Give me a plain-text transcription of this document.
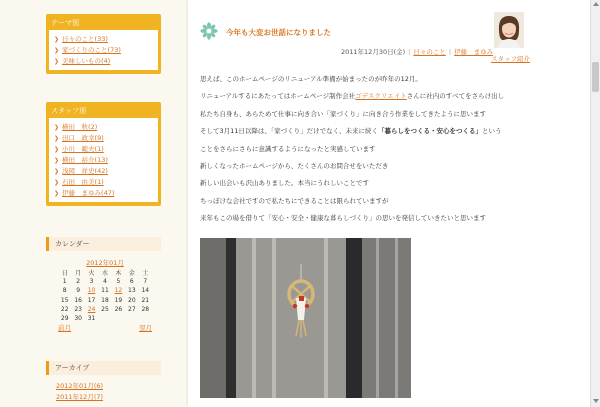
テーマ別
❯ 日々のこと(33)
❯ 家づくりのこと(73)
❯ 美味しいもの(4)
スタッフ別
❯ 横田　秋(2)
❯ 田口　政幸(9)
❯ 小川　範夫(1)
❯ 横田　裕介(13)
❯ 浅岡　祥史(42)
❯ 石田　由美(1)
❯ 伊藤　まゆみ(47)
カレンダー
2012年01月
日	月	火	水	木	金	土
1	2	3	4	5	6	7
8	9	10	11	12	13	14
15	16	17	18	19	20	21
22	23	24	25	26	27	28
29	30	31				
前月	翌月
アーカイブ
2012年01月(6)
2011年12月(7)
今年も大変お世話になりました
スタッフ紹介
2011年12月30日(金) | 日々のこと | 伊藤　まゆみ

思えば、このホームページのリニューアル準備が始まったのが昨年の12月。

リニューアルするにあたってはホームページ制作会社ゴデスクリエイトさんに社内のすべてをさらけ出し

私たち自身も、あらためて仕事に向き合い「家づくり」に向き合う作業をしてきたように思います

そして3月11日以降は、「家づくり」だけでなく、未来に続く「暮らしをつくる・安心をつくる」という

ことをさらにさらに意識するようになったと実感しています

新しくなったホームページから、たくさんのお問合せをいただき

新しい出会いも沢山ありました。本当にうれしいことです

ちっぽけな会社ですので私たちにできることは限られていますが

来年もこの場を借りて「安心・安全・健康な暮らしづくり」の思いを発信していきたいと思います

…
